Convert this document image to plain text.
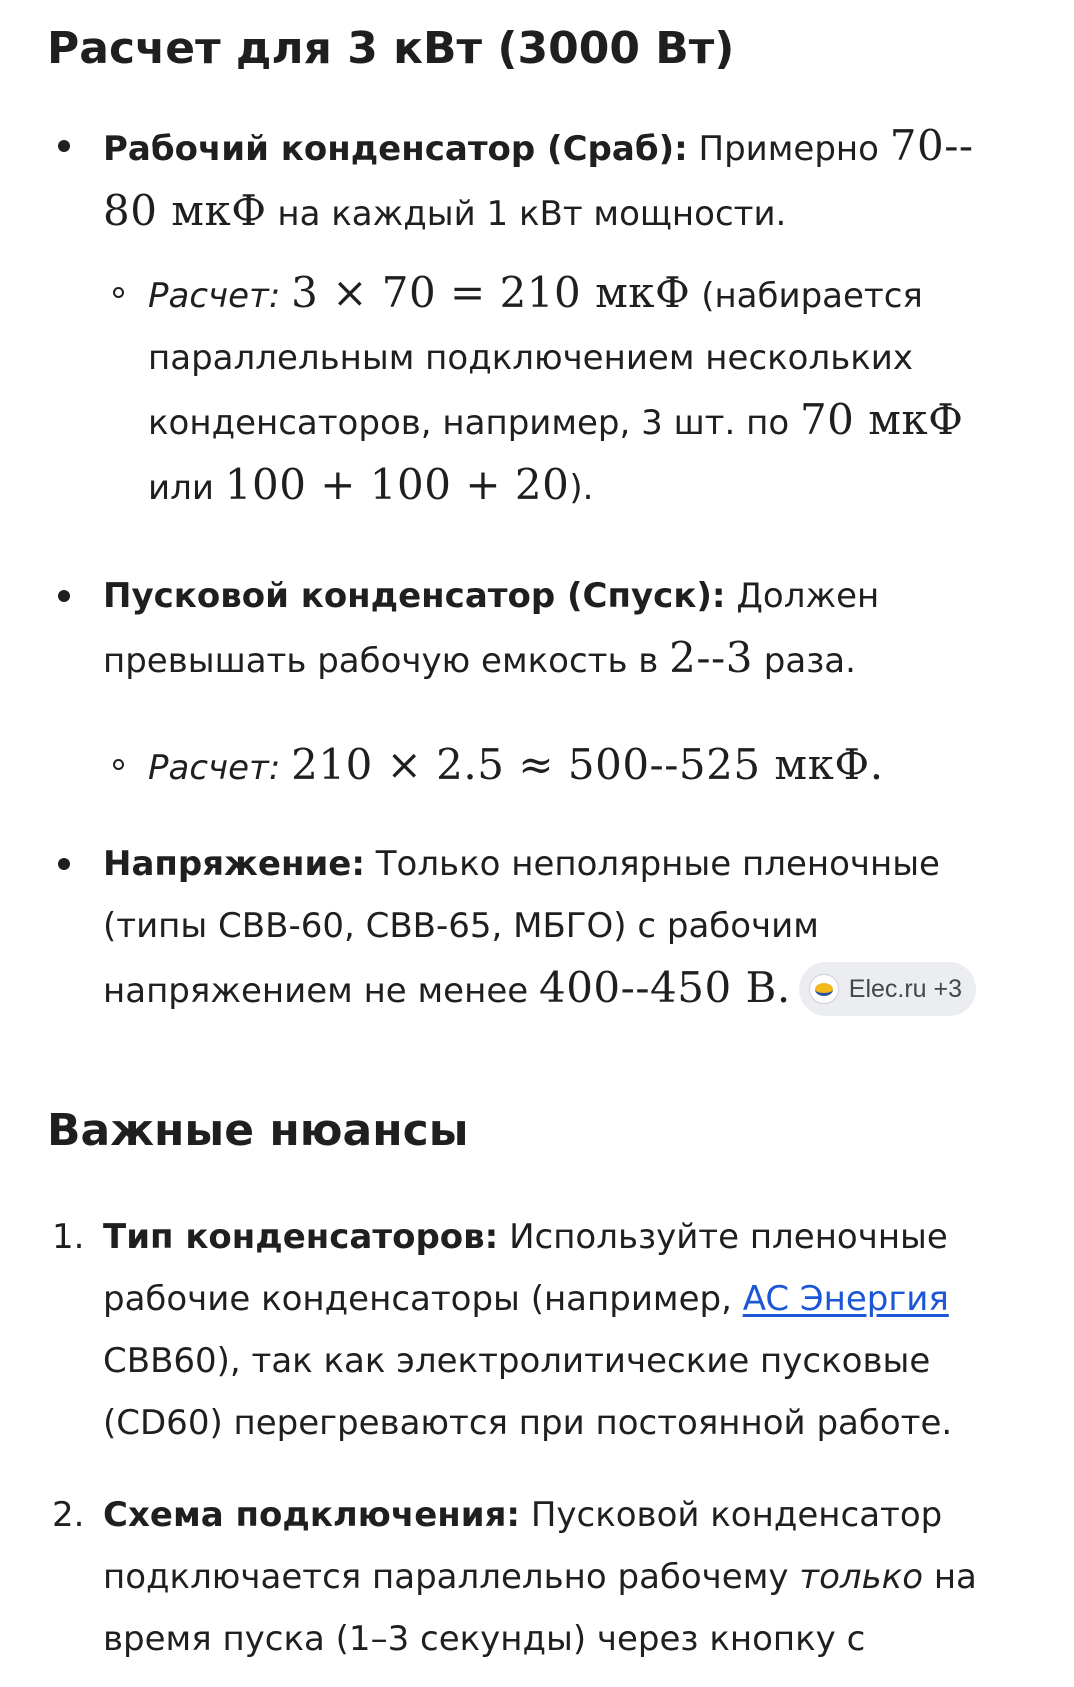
Расчет для 3 кВт (3000 Вт)
Рабочий конденсатор (Сраб): Примерно 70--
80 мкФ на каждый 1 кВт мощности.
Расчет: 3 × 70 = 210 мкФ (набирается
параллельным подключением нескольких
конденсаторов, например, 3 шт. по 70 мкФ
или 100 + 100 + 20).
Пусковой конденсатор (Спуск): Должен
превышать рабочую емкость в 2--3 раза.
Расчет: 210 × 2.5 ≈ 500--525 мкФ.
Напряжение: Только неполярные пленочные
(типы CBB-60, CBB-65, МБГО) с рабочим
напряжением не менее 400--450 В. Elec.ru +3
Важные нюансы
1. Тип конденсаторов: Используйте пленочные
рабочие конденсаторы (например, AC Энергия
CBB60), так как электролитические пусковые
(CD60) перегреваются при постоянной работе.
2. Схема подключения: Пусковой конденсатор
подключается параллельно рабочему только на
время пуска (1–3 секунды) через кнопку с
